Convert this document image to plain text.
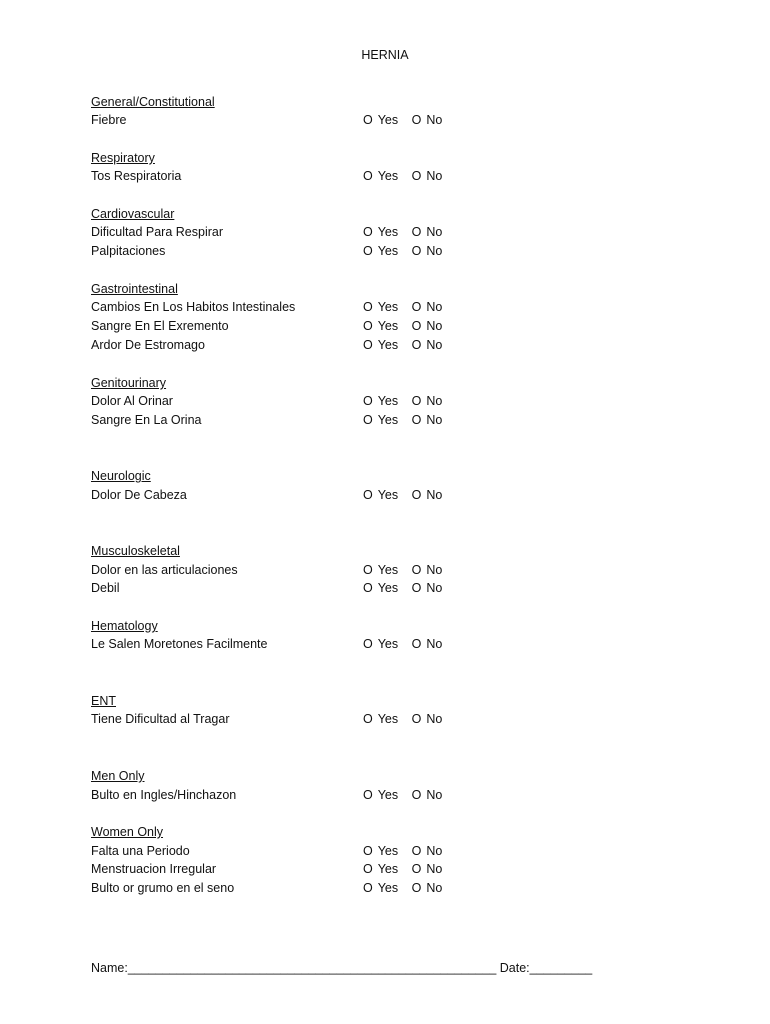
HERNIA
General/Constitutional
Fiebre	O Yes O No
Respiratory
Tos Respiratoria	O Yes O No
Cardiovascular
Dificultad Para Respirar	O Yes O No
Palpitaciones	O Yes O No
Gastrointestinal
Cambios En Los Habitos Intestinales	O Yes O No
Sangre En El Exremento	O Yes O No
Ardor De Estromago	O Yes O No
Genitourinary
Dolor Al Orinar	O Yes O No
Sangre En La Orina	O Yes O No
Neurologic
Dolor De Cabeza	O Yes O No
Musculoskeletal
Dolor en las articulaciones	O Yes O No
Debil	O Yes O No
Hematology
Le Salen Moretones Facilmente	O Yes O No
ENT
Tiene Dificultad al Tragar	O Yes O No
Men Only
Bulto en Ingles/Hinchazon	O Yes O No
Women Only
Falta una Periodo	O Yes O No
Menstruacion Irregular	O Yes O No
Bulto or grumo en el seno	O Yes O No
Name:_____________________________________________________ Date:_________
